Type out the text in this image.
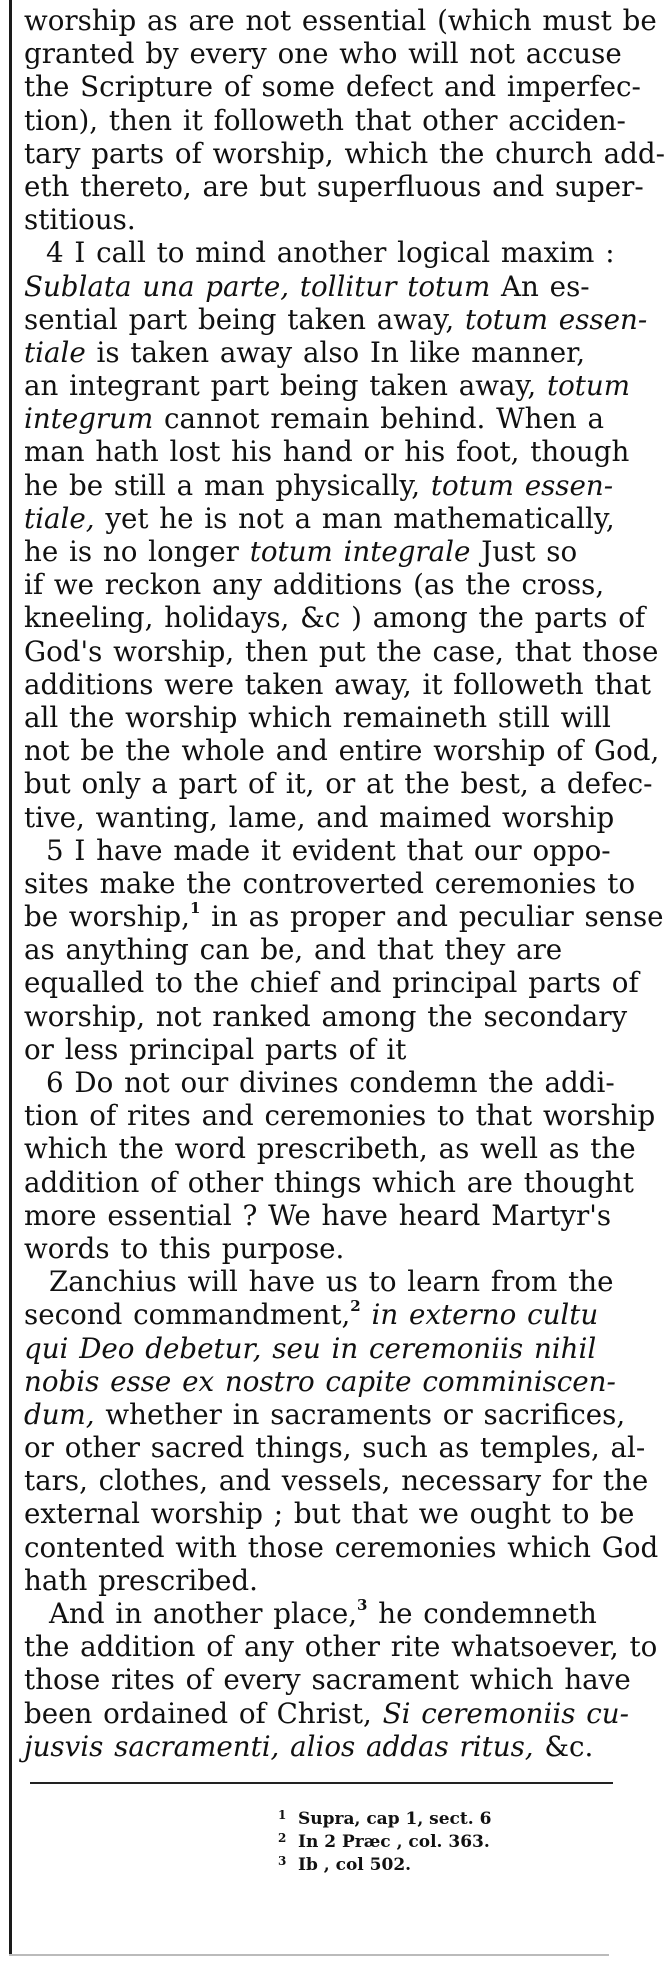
worship as are not essential (which must be
granted by every one who will not accuse
the Scripture of some defect and imperfec-
tion), then it followeth that other acciden-
tary parts of worship, which the church add-
eth thereto, are but superfluous and super-
stitious.
4 I call to mind another logical maxim :
Sublata una parte, tollitur totum An es-
sential part being taken away, totum essen-
tiale is taken away also In like manner,
an integrant part being taken away, totum
integrum cannot remain behind. When a
man hath lost his hand or his foot, though
he be still a man physically, totum essen-
tiale, yet he is not a man mathematically,
he is no longer totum integrale Just so
if we reckon any additions (as the cross,
kneeling, holidays, &c ) among the parts of
God's worship, then put the case, that those
additions were taken away, it followeth that
all the worship which remaineth still will
not be the whole and entire worship of God,
but only a part of it, or at the best, a defec-
tive, wanting, lame, and maimed worship
5 I have made it evident that our oppo-
sites make the controverted ceremonies to
be worship,$^1$ in as proper and peculiar sense
as anything can be, and that they are
equalled to the chief and principal parts of
worship, not ranked among the secondary
or less principal parts of it
6 Do not our divines condemn the addi-
tion of rites and ceremonies to that worship
which the word prescribeth, as well as the
addition of other things which are thought
more essential ? We have heard Martyr's
words to this purpose.
Zanchius will have us to learn from the
second commandment,$^2$ in externo cultu
qui Deo debetur, seu in ceremoniis nihil
nobis esse ex nostro capite comminiscen-
dum, whether in sacraments or sacrifices,
or other sacred things, such as temples, al-
tars, clothes, and vessels, necessary for the
external worship ; but that we ought to be
contented with those ceremonies which God
hath prescribed.
And in another place,$^3$ he condemneth
the addition of any other rite whatsoever, to
those rites of every sacrament which have
been ordained of Christ, Si ceremoniis cu-
jusvis sacramenti, alios addas ritus, &c.
1 Supra, cap 1, sect. 6
2 In 2 Præc , col. 363.
3 Ib , col 502.
